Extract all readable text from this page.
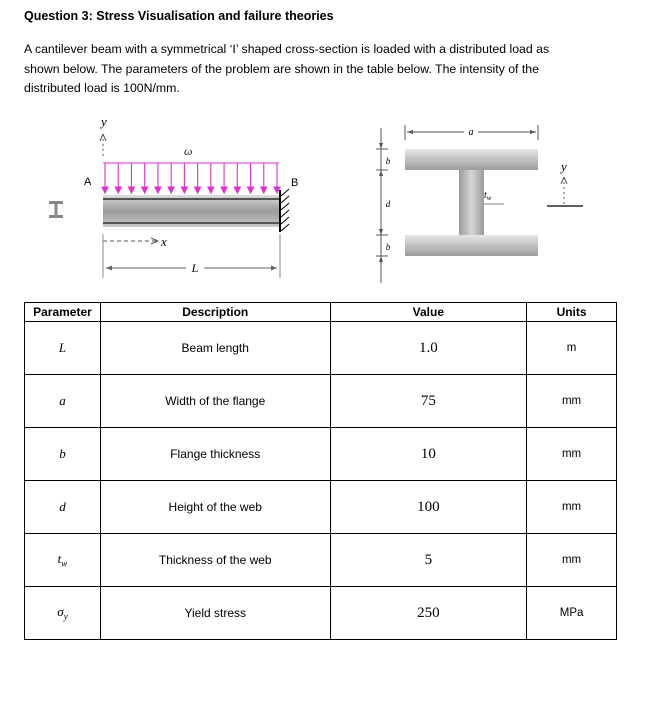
Question 3: Stress Visualisation and failure theories

A cantilever beam with a symmetrical ‘I’ shaped cross-section is loaded with a distributed load as

shown below. The parameters of the problem are shown in the table below. The intensity of the

distributed load is 100N/mm.

A
y
ω
B
x
L
a
$t_w$
b
d
b
y
Parameter	Description	Value	Units
L	Beam length	1.0	m
a	Width of the flange	75	mm
b	Flange thickness	10	mm
d	Height of the web	100	mm
$t_w$	Thickness of the web	5	mm
$\sigma_y$	Yield stress	250	MPa
